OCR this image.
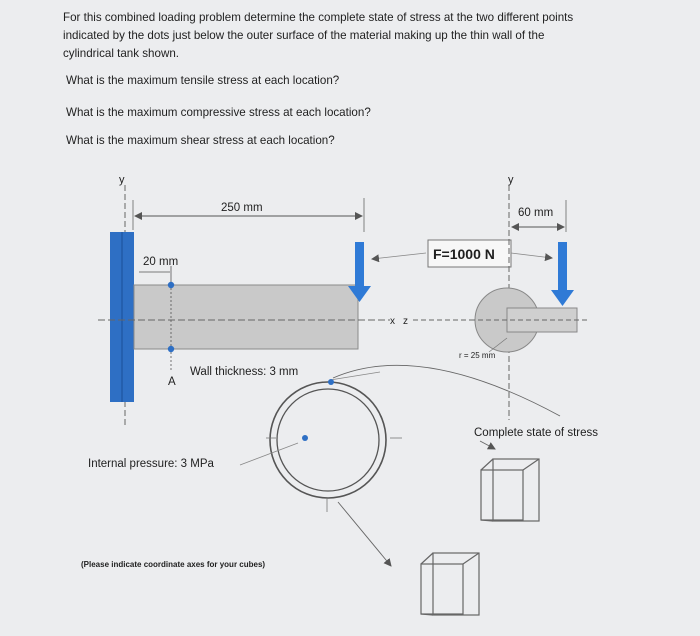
For this combined loading problem determine the complete state of stress at the two different points

indicated by the dots just below the outer surface of the material making up the thin wall of the

cylindrical tank shown.

What is the maximum tensile stress at each location?
What is the maximum compressive stress at each location?
What is the maximum shear stress at each location?
y
250 mm
20 mm
A
x z
F=1000 N
y
60 mm
r = 25 mm
Wall thickness: 3 mm
Internal pressure: 3 MPa
Complete state of stress
(Please indicate coordinate axes for your cubes)
